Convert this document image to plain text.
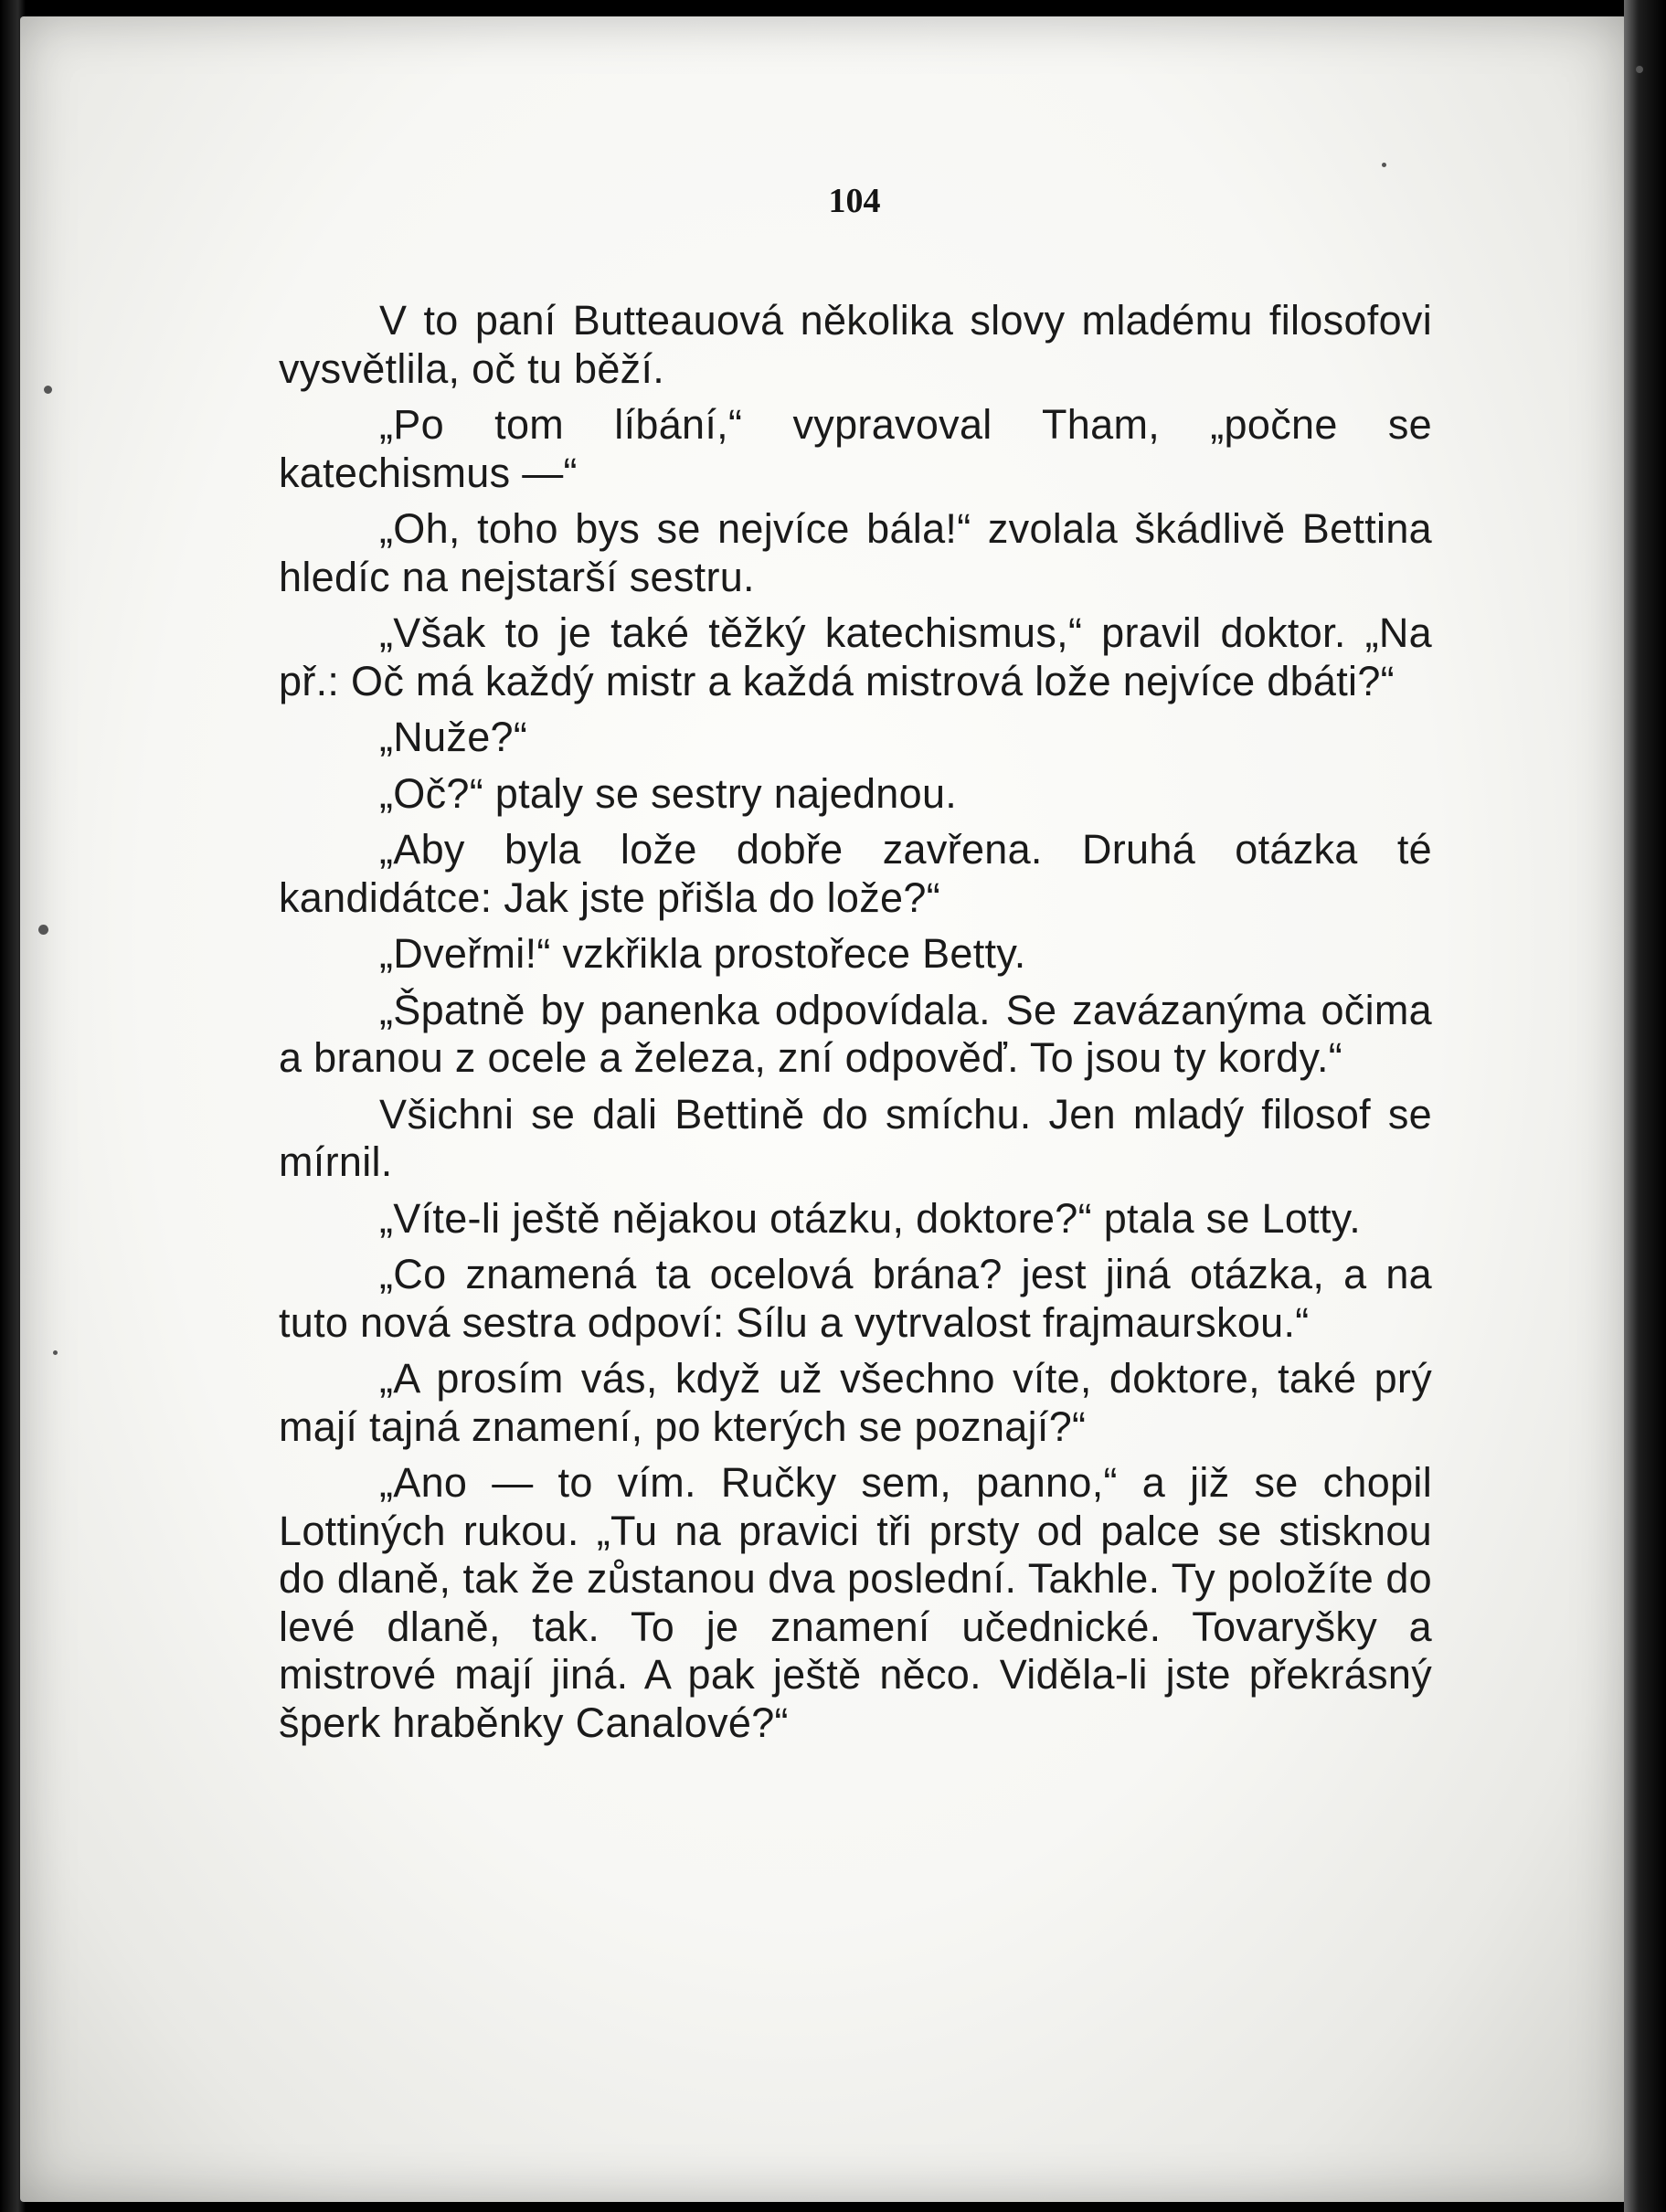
104

V to paní Butteauová několika slovy mladému filosofovi vysvětlila, oč tu běží.

„Po tom líbání,“ vypravoval Tham, „počne se katechismus —“

„Oh, toho bys se nejvíce bála!“ zvolala škádlivě Bettina hledíc na nejstarší sestru.

„Však to je také těžký katechismus,“ pravil doktor. „Na př.: Oč má každý mistr a každá mistrová lože nejvíce dbáti?“

„Nuže?“

„Oč?“ ptaly se sestry najednou.

„Aby byla lože dobře zavřena. Druhá otázka té kandidátce: Jak jste přišla do lože?“

„Dveřmi!“ vzkřikla prostořece Betty.

„Špatně by panenka odpovídala. Se zavázanýma očima a branou z ocele a železa, zní odpověď. To jsou ty kordy.“

Všichni se dali Bettině do smíchu. Jen mladý filosof se mírnil.

„Víte-li ještě nějakou otázku, doktore?“ ptala se Lotty.

„Co znamená ta ocelová brána? jest jiná otázka, a na tuto nová sestra odpoví: Sílu a vytrvalost frajmaurskou.“

„A prosím vás, když už všechno víte, doktore, také prý mají tajná znamení, po kterých se poznají?“

„Ano — to vím. Ručky sem, panno,“ a již se chopil Lottiných rukou. „Tu na pravici tři prsty od palce se stisknou do dlaně, tak že zůstanou dva poslední. Takhle. Ty položíte do levé dlaně, tak. To je znamení učednické. Tovaryšky a mistrové mají jiná. A pak ještě něco. Viděla-li jste překrásný šperk hraběnky Canalové?“
